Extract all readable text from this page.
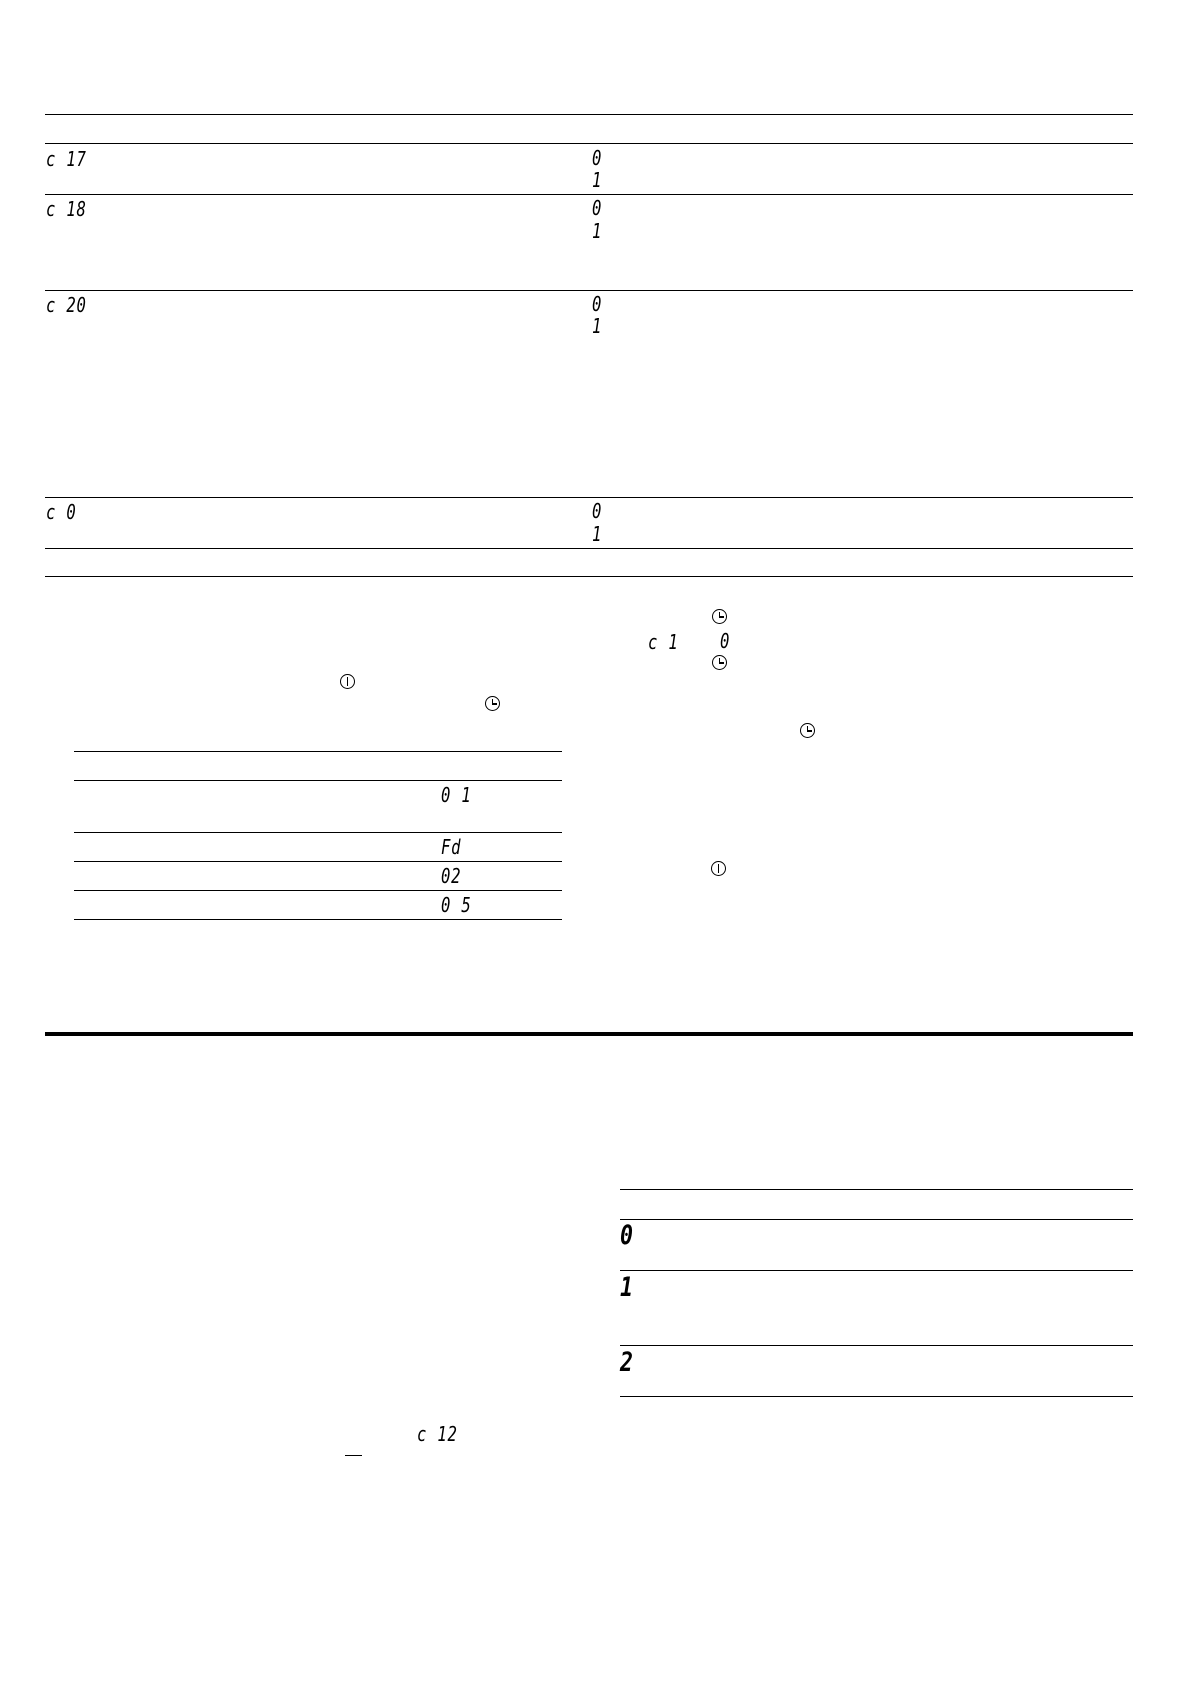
c 17	0
1
c 18	0
1
c 20	0
1
c 0	0
1
0 1
Fd
02
0 5
c 1 0
c 12
0
1
2
